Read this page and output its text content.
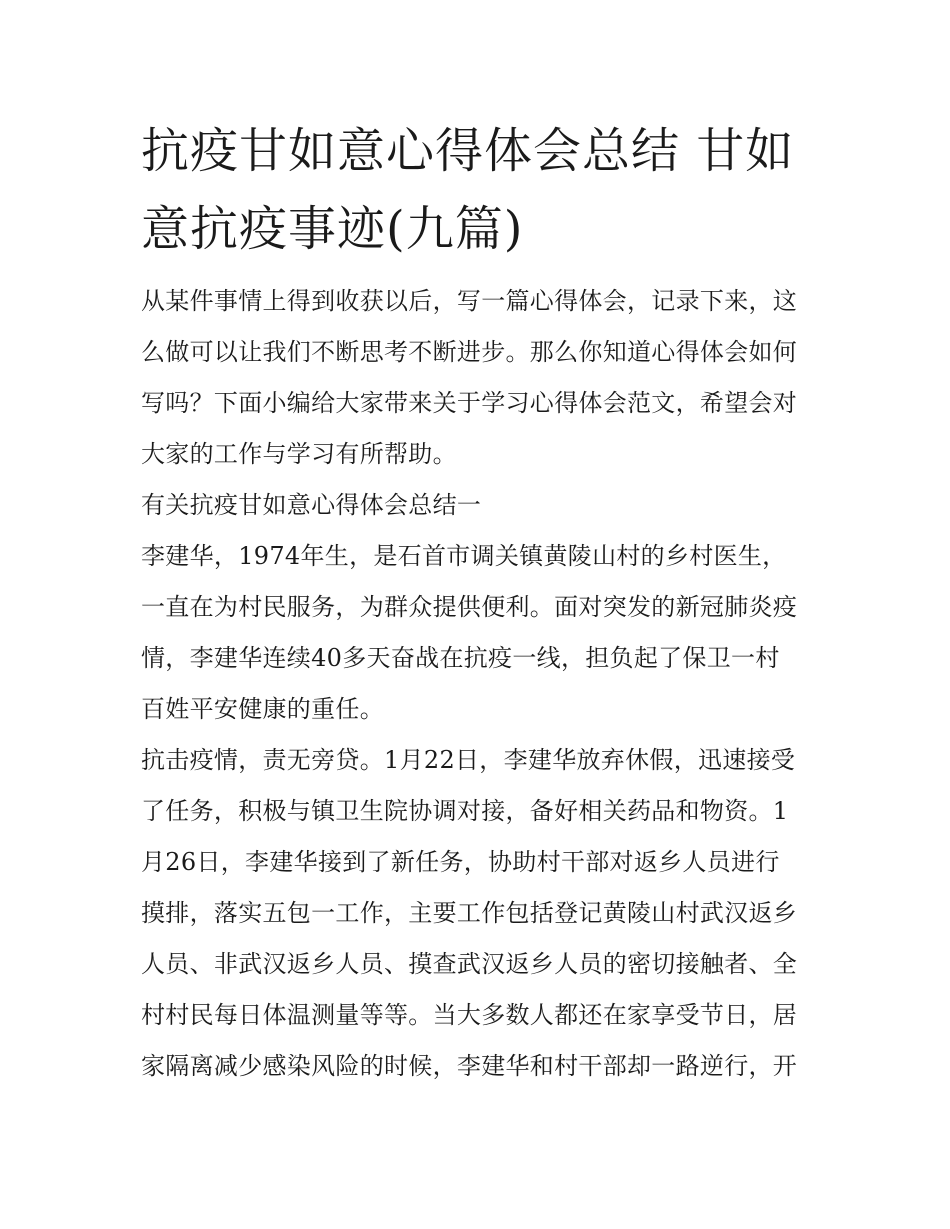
抗疫甘如意心得体会总结 甘如
意抗疫事迹(九篇)
从某件事情上得到收获以后，写一篇心得体会，记录下来，这
么做可以让我们不断思考不断进步。那么你知道心得体会如何
写吗？下面小编给大家带来关于学习心得体会范文，希望会对
大家的工作与学习有所帮助。
有关抗疫甘如意心得体会总结一
李建华，1974年生，是石首市调关镇黄陵山村的乡村医生，
一直在为村民服务，为群众提供便利。面对突发的新冠肺炎疫
情，李建华连续40多天奋战在抗疫一线，担负起了保卫一村
百姓平安健康的重任。
抗击疫情，责无旁贷。1月22日，李建华放弃休假，迅速接受
了任务，积极与镇卫生院协调对接，备好相关药品和物资。1
月26日，李建华接到了新任务，协助村干部对返乡人员进行
摸排，落实五包一工作，主要工作包括登记黄陵山村武汉返乡
人员、非武汉返乡人员、摸查武汉返乡人员的密切接触者、全
村村民每日体温测量等等。当大多数人都还在家享受节日，居
家隔离减少感染风险的时候，李建华和村干部却一路逆行，开
